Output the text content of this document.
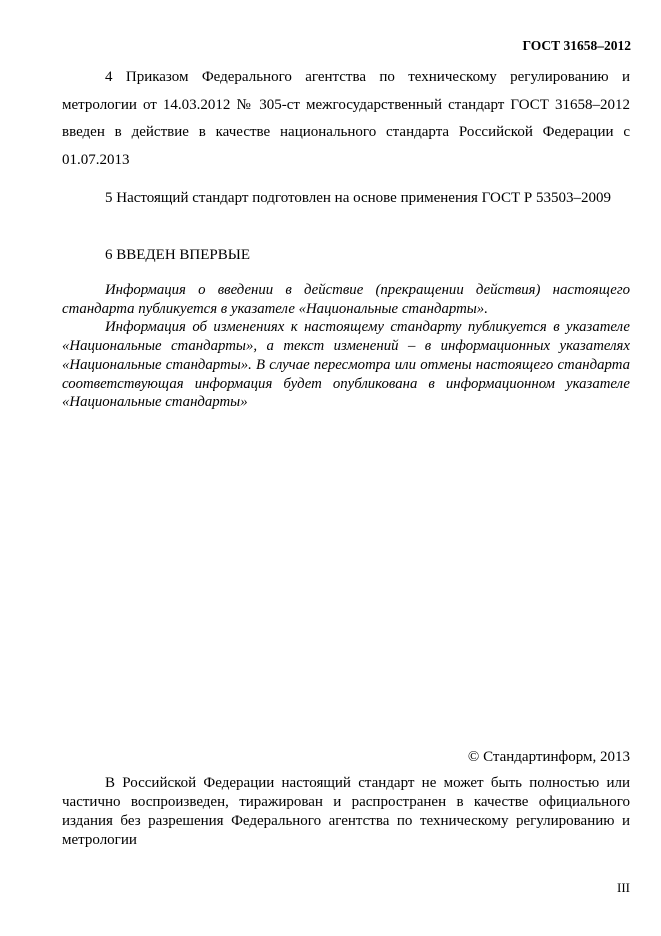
ГОСТ 31658–2012
4 Приказом Федерального агентства по техническому регулированию и метрологии от 14.03.2012 № 305-ст межгосударственный стандарт ГОСТ 31658–2012 введен в действие в качестве национального стандарта Российской Федерации с 01.07.2013
5 Настоящий стандарт подготовлен на основе применения ГОСТ Р 53503–2009
6 ВВЕДЕН ВПЕРВЫЕ

Информация о введении в действие (прекращении действия) настоящего стандарта публикуется в указателе «Национальные стандарты».

Информация об изменениях к настоящему стандарту публикуется в указателе «Национальные стандарты», а текст изменений – в информационных указателях «Национальные стандарты». В случае пересмотра или отмены настоящего стандарта соответствующая информация будет опубликована в информационном указателе «Национальные стандарты»

© Стандартинформ, 2013
В Российской Федерации настоящий стандарт не может быть полностью или частично воспроизведен, тиражирован и распространен в качестве официального издания без разрешения Федерального агентства по техническому регулированию и метрологии
III
